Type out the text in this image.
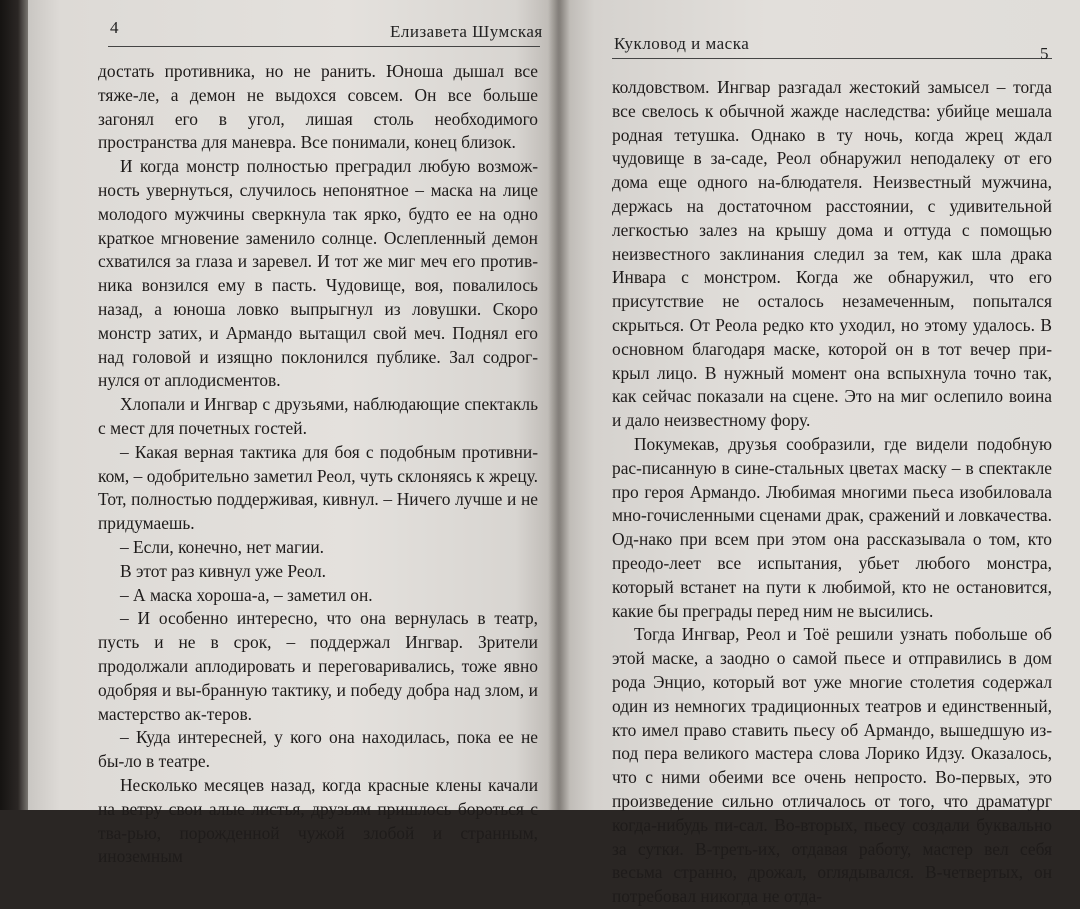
4	Елизавета Шумская

достать противника, но не ранить. Юноша дышал все тяже-ле, а демон не выдохся совсем. Он все больше загонял его в угол, лишая столь необходимого пространства для маневра. Все понимали, конец близок.

И когда монстр полностью преградил любую возмож-ность увернуться, случилось непонятное – маска на лице молодого мужчины сверкнула так ярко, будто ее на одно краткое мгновение заменило солнце. Ослепленный демон схватился за глаза и заревел. И тот же миг меч его против-ника вонзился ему в пасть. Чудовище, воя, повалилось назад, а юноша ловко выпрыгнул из ловушки. Скоро монстр затих, и Армандо вытащил свой меч. Поднял его над головой и изящно поклонился публике. Зал содрог-нулся от аплодисментов.

Хлопали и Ингвар с друзьями, наблюдающие спектакль с мест для почетных гостей.

– Какая верная тактика для боя с подобным противни-ком, – одобрительно заметил Реол, чуть склоняясь к жрецу. Тот, полностью поддерживая, кивнул. – Ничего лучше и не придумаешь.

– Если, конечно, нет магии.

В этот раз кивнул уже Реол.

– А маска хороша-а, – заметил он.

– И особенно интересно, что она вернулась в театр, пусть и не в срок, – поддержал Ингвар. Зрители продолжали аплодировать и переговаривались, тоже явно одобряя и вы-бранную тактику, и победу добра над злом, и мастерство ак-теров.

– Куда интересней, у кого она находилась, пока ее не бы-ло в театре.

Несколько месяцев назад, когда красные клены качали на ветру свои алые листья, друзьям пришлось бороться с тва-рью, порожденной чужой злобой и странным, иноземным

Кукловод и маска
5

колдовством. Ингвар разгадал жестокий замысел – тогда все свелось к обычной жажде наследства: убийце мешала родная тетушка. Однако в ту ночь, когда жрец ждал чудовище в за-саде, Реол обнаружил неподалеку от его дома еще одного на-блюдателя. Неизвестный мужчина, держась на достаточном расстоянии, с удивительной легкостью залез на крышу дома и оттуда с помощью неизвестного заклинания следил за тем, как шла драка Инвара с монстром. Когда же обнаружил, что его присутствие не осталось незамеченным, попытался скрыться. От Реола редко кто уходил, но этому удалось. В основном благодаря маске, которой он в тот вечер при-крыл лицо. В нужный момент она вспыхнула точно так, как сейчас показали на сцене. Это на миг ослепило воина и дало неизвестному фору.

Покумекав, друзья сообразили, где видели подобную рас-писанную в сине-стальных цветах маску – в спектакле про героя Армандо. Любимая многими пьеса изобиловала мно-гочисленными сценами драк, сражений и ловкачества. Од-нако при всем при этом она рассказывала о том, кто преодо-леет все испытания, убьет любого монстра, который встанет на пути к любимой, кто не остановится, какие бы преграды перед ним не высились.

Тогда Ингвар, Реол и Тоё решили узнать побольше об этой маске, а заодно о самой пьесе и отправились в дом рода Энцио, который вот уже многие столетия содержал один из немногих традиционных театров и единственный, кто имел право ставить пьесу об Армандо, вышедшую из-под пера великого мастера слова Лорико Идзу. Оказалось, что с ними обеими все очень непросто. Во-первых, это произведение сильно отличалось от того, что драматург когда-нибудь пи-сал. Во-вторых, пьесу создали буквально за сутки. В-треть-их, отдавая работу, мастер вел себя весьма странно, дрожал, оглядывался. В-четвертых, он потребовал никогда не отда-
